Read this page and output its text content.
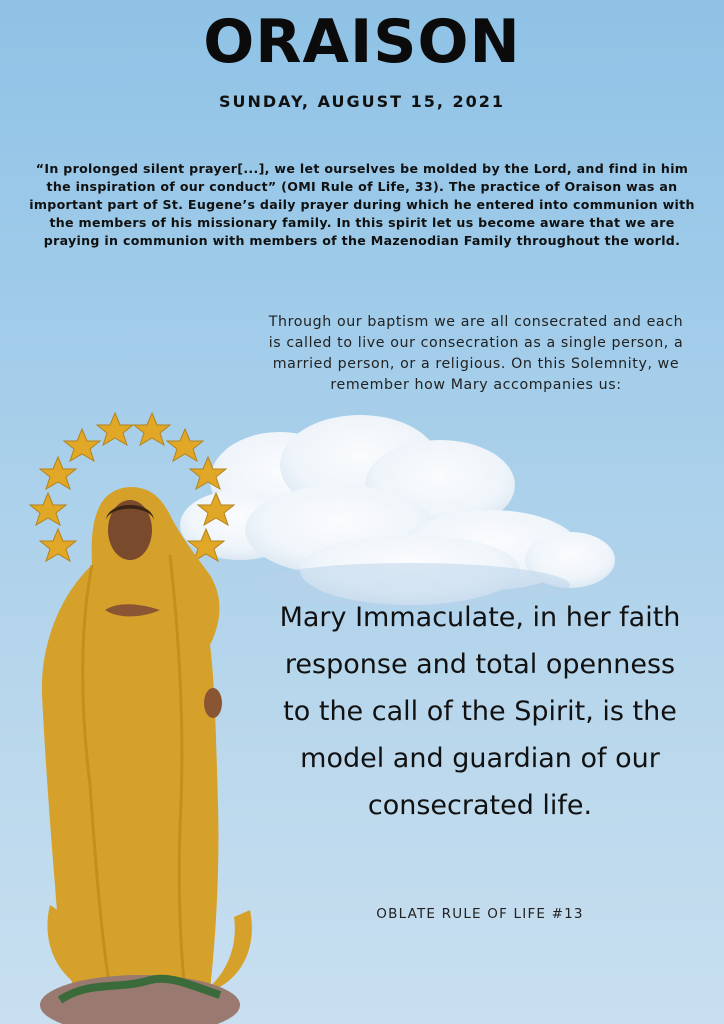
ORAISON
SUNDAY, AUGUST 15, 2021
“In prolonged silent prayer[...], we let ourselves be molded by the Lord, and find in him the inspiration of our conduct” (OMI Rule of Life, 33). The practice of Oraison was an important part of St. Eugene’s daily prayer during which he entered into communion with the members of his missionary family. In this spirit let us become aware that we are praying in communion with members of the Mazenodian Family throughout the world.
Through our baptism we are all consecrated and each is called to live our consecration as a single person, a married person, or a religious. On this Solemnity, we remember how Mary accompanies us:
Mary Immaculate, in her faith response and total openness to the call of the Spirit, is the model and guardian of our consecrated life.
OBLATE RULE OF LIFE #13
